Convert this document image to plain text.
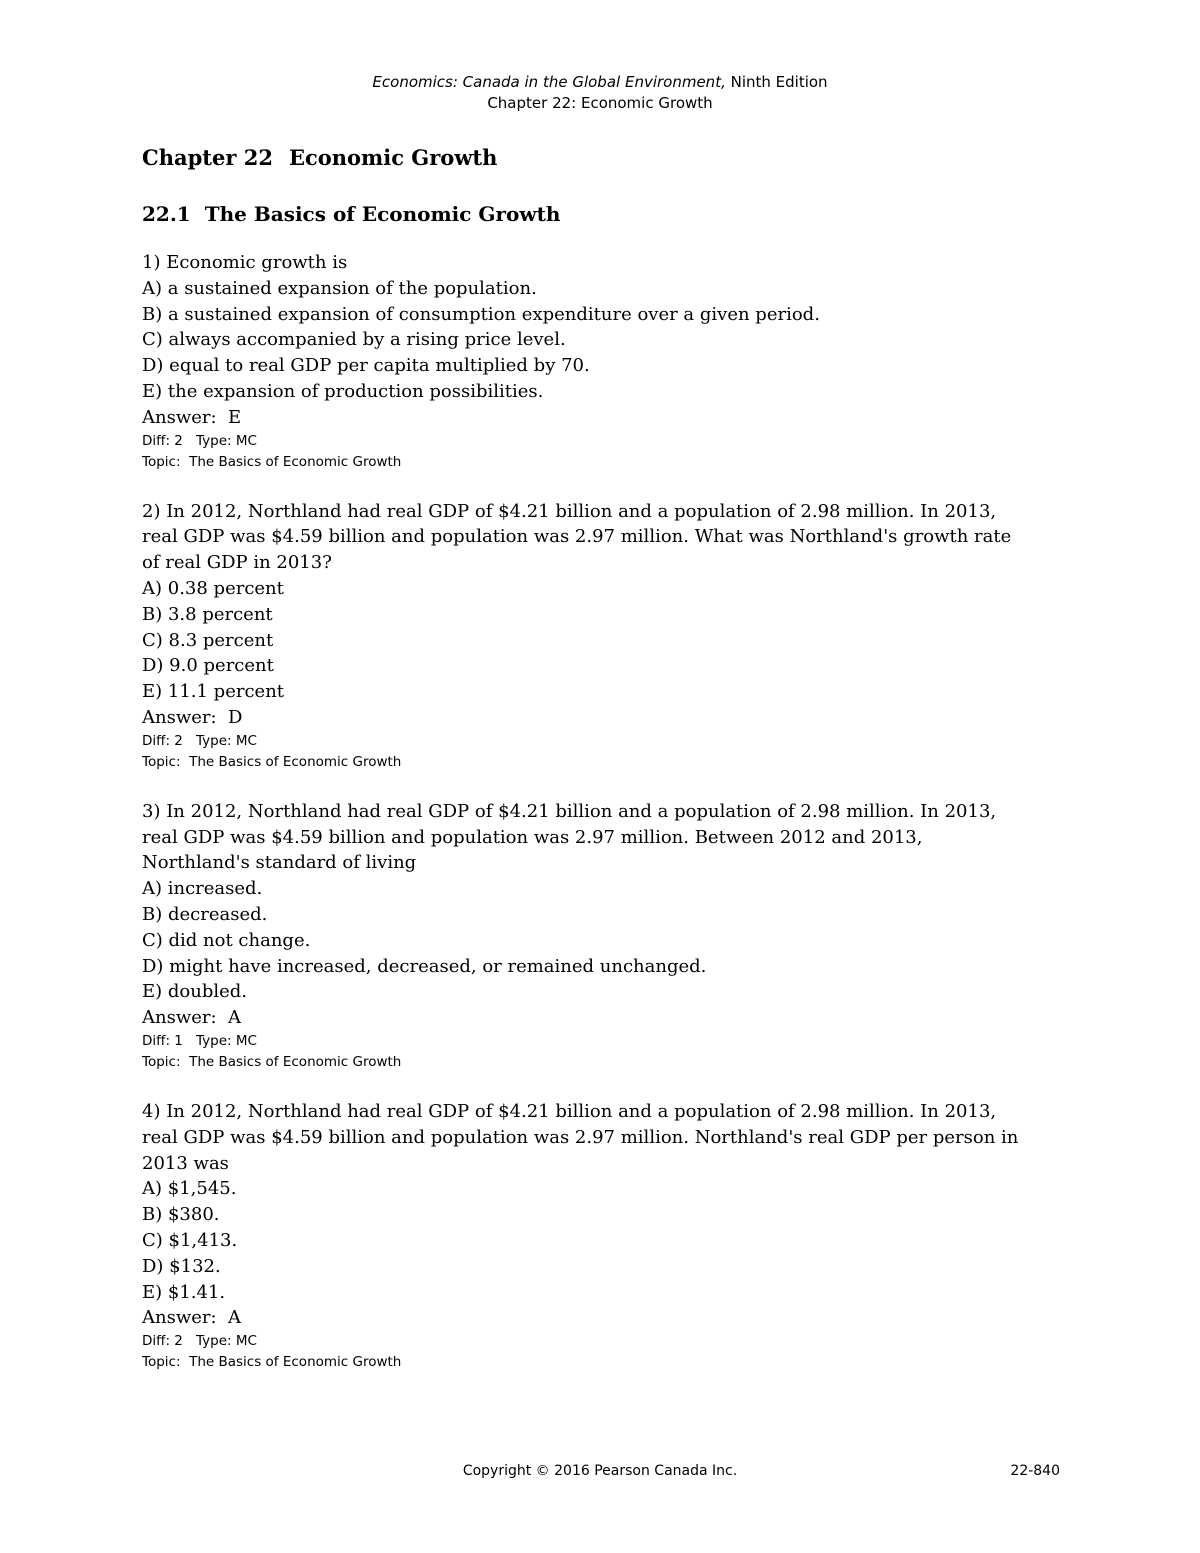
Economics: Canada in the Global Environment, Ninth Edition
Chapter 22: Economic Growth
Chapter 22 Economic Growth
22.1 The Basics of Economic Growth
1) Economic growth is
A) a sustained expansion of the population.
B) a sustained expansion of consumption expenditure over a given period.
C) always accompanied by a rising price level.
D) equal to real GDP per capita multiplied by 70.
E) the expansion of production possibilities.
Answer:  E
Diff: 2 Type: MC
Topic:  The Basics of Economic Growth
2) In 2012, Northland had real GDP of $4.21 billion and a population of 2.98 million. In 2013,
real GDP was $4.59 billion and population was 2.97 million. What was Northland's growth rate
of real GDP in 2013?
A) 0.38 percent
B) 3.8 percent
C) 8.3 percent
D) 9.0 percent
E) 11.1 percent
Answer:  D
Diff: 2 Type: MC
Topic:  The Basics of Economic Growth
3) In 2012, Northland had real GDP of $4.21 billion and a population of 2.98 million. In 2013,
real GDP was $4.59 billion and population was 2.97 million. Between 2012 and 2013,
Northland's standard of living
A) increased.
B) decreased.
C) did not change.
D) might have increased, decreased, or remained unchanged.
E) doubled.
Answer:  A
Diff: 1 Type: MC
Topic:  The Basics of Economic Growth
4) In 2012, Northland had real GDP of $4.21 billion and a population of 2.98 million. In 2013,
real GDP was $4.59 billion and population was 2.97 million. Northland's real GDP per person in
2013 was
A) $1,545.
B) $380.
C) $1,413.
D) $132.
E) $1.41.
Answer:  A
Diff: 2 Type: MC
Topic:  The Basics of Economic Growth
Copyright © 2016 Pearson Canada Inc.	22-840
